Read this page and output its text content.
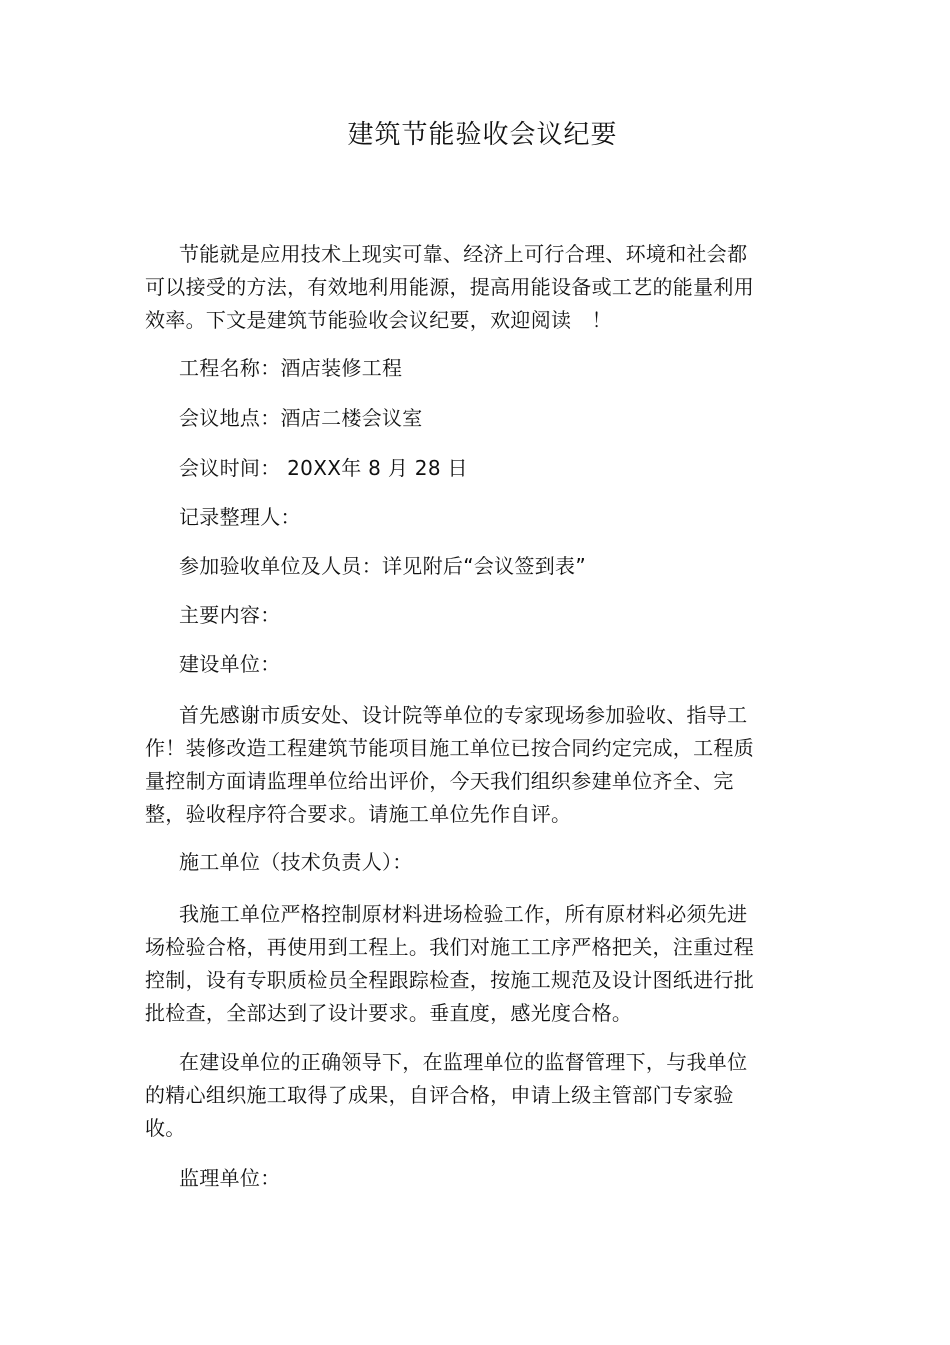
建筑节能验收会议纪要

节能就是应用技术上现实可靠、经济上可行合理、环境和社会都可以接受的方法，有效地利用能源，提高用能设备或工艺的能量利用效率。下文是建筑节能验收会议纪要，欢迎阅读　！

工程名称：酒店装修工程

会议地点：酒店二楼会议室

会议时间： 20XX年 8 月 28 日

记录整理人：

参加验收单位及人员：详见附后“会议签到表”

主要内容：

建设单位：

首先感谢市质安处、设计院等单位的专家现场参加验收、指导工作！装修改造工程建筑节能项目施工单位已按合同约定完成，工程质量控制方面请监理单位给出评价，今天我们组织参建单位齐全、完整，验收程序符合要求。请施工单位先作自评。

施工单位（技术负责人）：

我施工单位严格控制原材料进场检验工作，所有原材料必须先进场检验合格，再使用到工程上。我们对施工工序严格把关，注重过程控制，设有专职质检员全程跟踪检查，按施工规范及设计图纸进行批批检查，全部达到了设计要求。垂直度，感光度合格。

在建设单位的正确领导下，在监理单位的监督管理下，与我单位的精心组织施工取得了成果，自评合格，申请上级主管部门专家验收。

监理单位：
